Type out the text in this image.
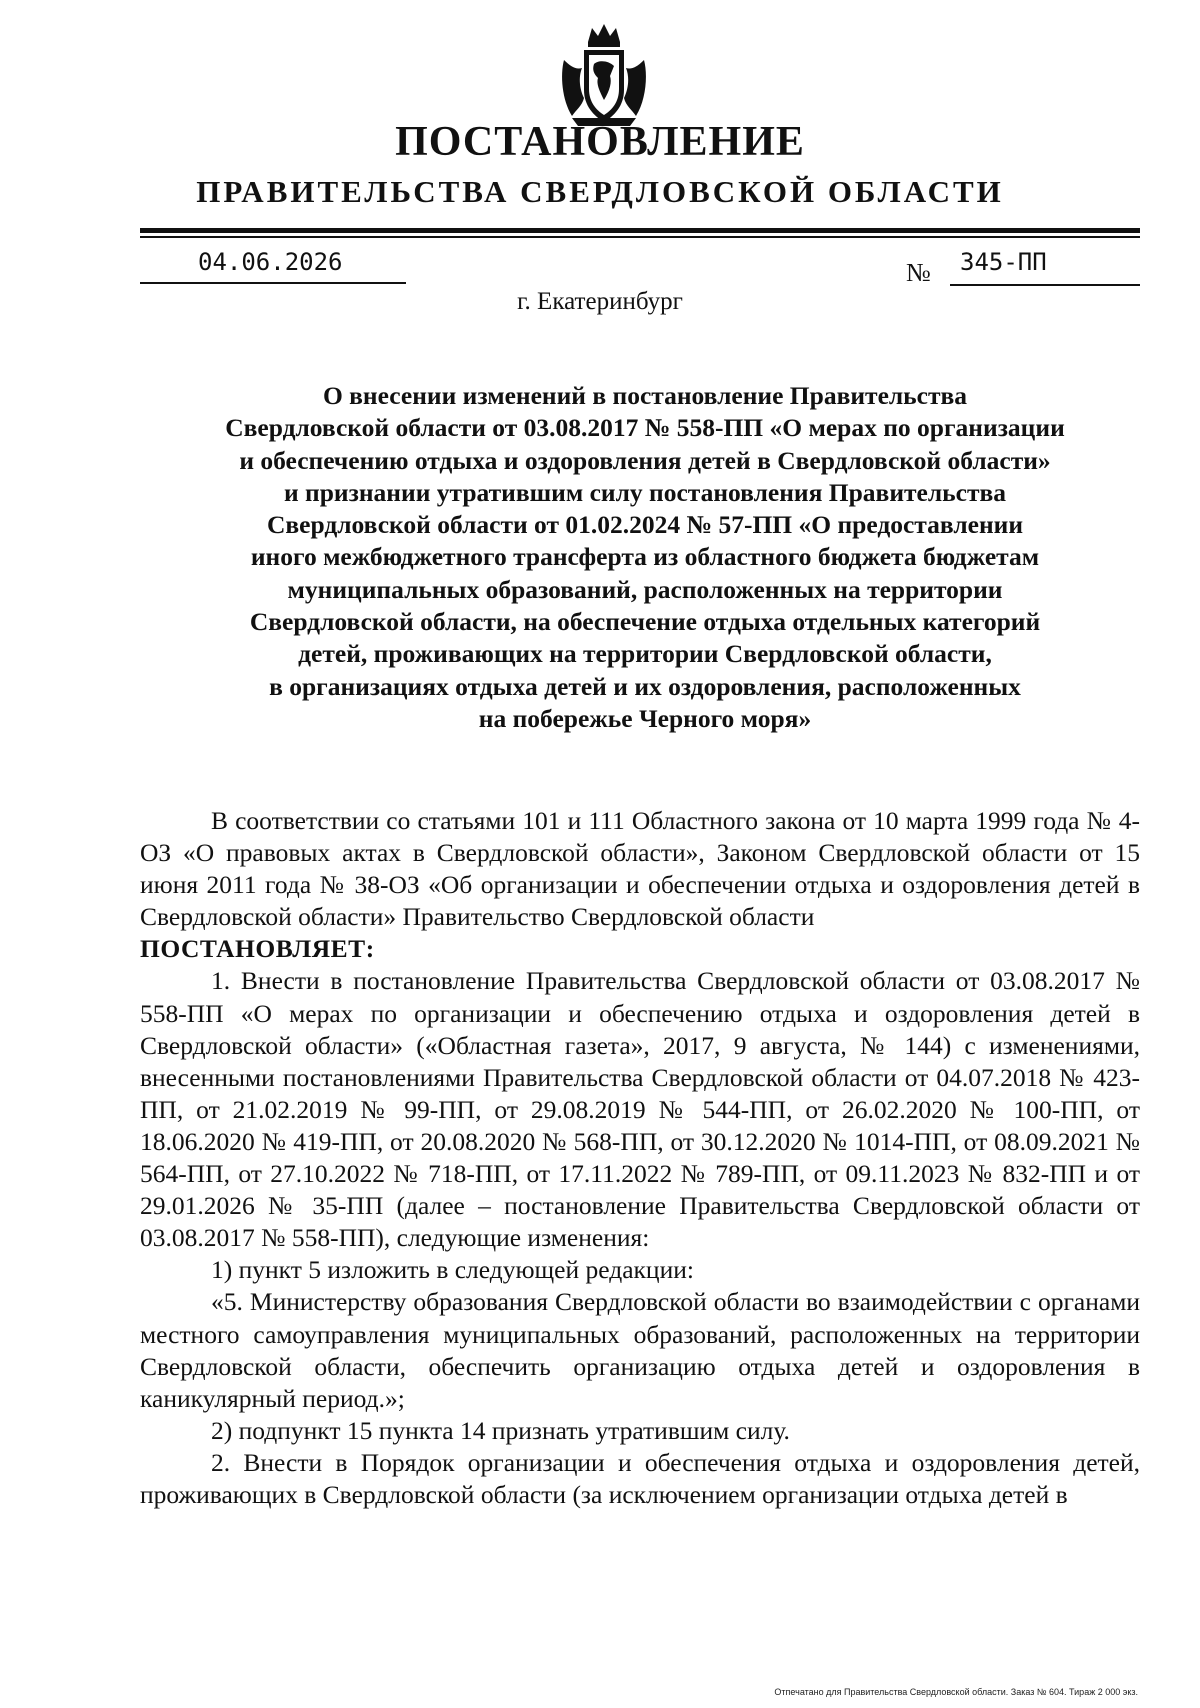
ПОСТАНОВЛЕНИЕ
ПРАВИТЕЛЬСТВА СВЕРДЛОВСКОЙ ОБЛАСТИ
04.06.2026	№ 345-ПП
г. Екатеринбург
О внесении изменений в постановление Правительства
Свердловской области от 03.08.2017 № 558-ПП «О мерах по организации
и обеспечению отдыха и оздоровления детей в Свердловской области»
и признании утратившим силу постановления Правительства
Свердловской области от 01.02.2024 № 57-ПП «О предоставлении
иного межбюджетного трансферта из областного бюджета бюджетам
муниципальных образований, расположенных на территории
Свердловской области, на обеспечение отдыха отдельных категорий
детей, проживающих на территории Свердловской области,
в организациях отдыха детей и их оздоровления, расположенных
на побережье Черного моря»

В соответствии со статьями 101 и 111 Областного закона от 10 марта 1999 года № 4-ОЗ «О правовых актах в Свердловской области», Законом Свердловской области от 15 июня 2011 года № 38-ОЗ «Об организации и обеспечении отдыха и оздоровления детей в Свердловской области» Правительство Свердловской области

ПОСТАНОВЛЯЕТ:

1. Внести в постановление Правительства Свердловской области от 03.08.2017 № 558-ПП «О мерах по организации и обеспечению отдыха и оздоровления детей в Свердловской области» («Областная газета», 2017, 9 августа, № 144) с изменениями, внесенными постановлениями Правительства Свердловской области от 04.07.2018 № 423-ПП, от 21.02.2019 № 99-ПП, от 29.08.2019 № 544-ПП, от 26.02.2020 № 100-ПП, от 18.06.2020 № 419-ПП, от 20.08.2020 № 568-ПП, от 30.12.2020 № 1014-ПП, от 08.09.2021 № 564-ПП, от 27.10.2022 № 718-ПП, от 17.11.2022 № 789-ПП, от 09.11.2023 № 832-ПП и от 29.01.2026 № 35-ПП (далее – постановление Правительства Свердловской области от 03.08.2017 № 558-ПП), следующие изменения:

1) пункт 5 изложить в следующей редакции:

«5. Министерству образования Свердловской области во взаимодействии с органами местного самоуправления муниципальных образований, расположенных на территории Свердловской области, обеспечить организацию отдыха детей и оздоровления в каникулярный период.»;

2) подпункт 15 пункта 14 признать утратившим силу.

2. Внести в Порядок организации и обеспечения отдыха и оздоровления детей, проживающих в Свердловской области (за исключением организации отдыха детей в

Отпечатано для Правительства Свердловской области. Заказ № 604. Тираж 2 000 экз.
